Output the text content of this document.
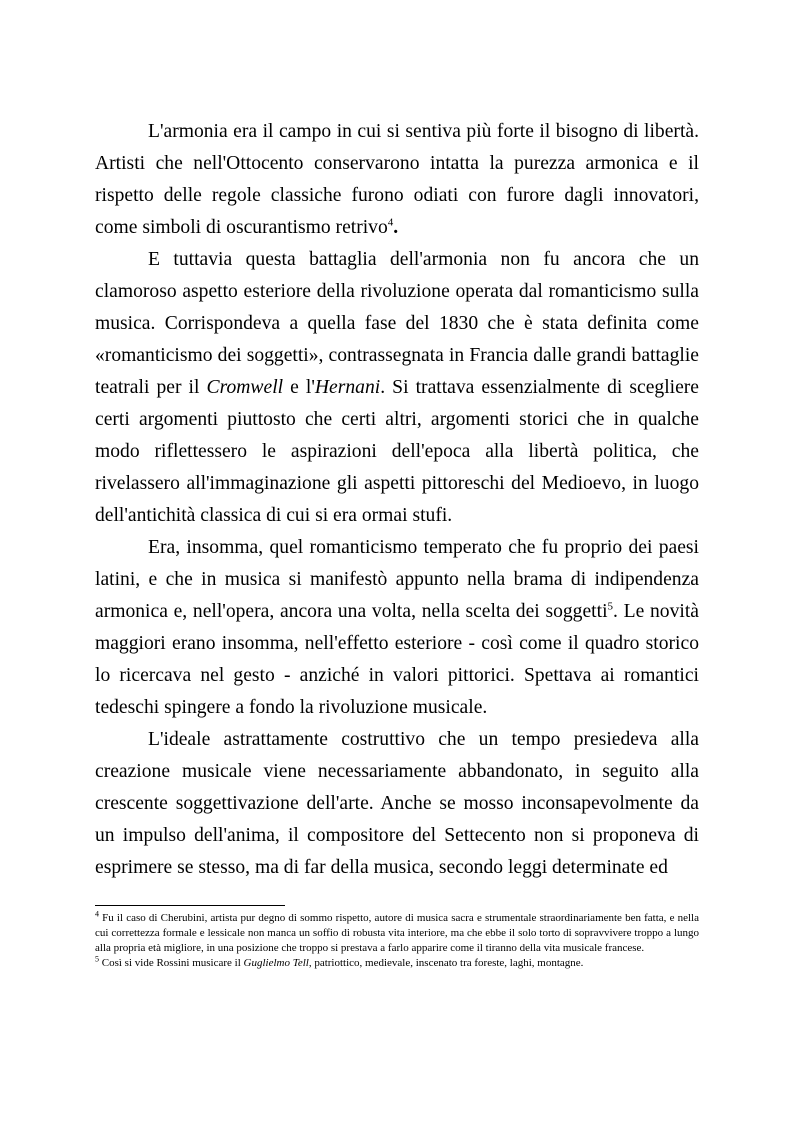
L'armonia era il campo in cui si sentiva più forte il bisogno di libertà. Artisti che nell'Ottocento conservarono intatta la purezza armonica e il rispetto delle regole classiche furono odiati con furore dagli innovatori, come simboli di oscurantismo retrivo$^4$.

E tuttavia questa battaglia dell'armonia non fu ancora che un clamoroso aspetto esteriore della rivoluzione operata dal romanticismo sulla musica. Corrispondeva a quella fase del 1830 che è stata definita come «romanticismo dei soggetti», contrassegnata in Francia dalle grandi battaglie teatrali per il Cromwell e l'Hernani. Si trattava essenzialmente di scegliere certi argomenti piuttosto che certi altri, argomenti storici che in qualche modo riflettessero le aspirazioni dell'epoca alla libertà politica, che rivelassero all'immaginazione gli aspetti pittoreschi del Medioevo, in luogo dell'antichità classica di cui si era ormai stufi.

Era, insomma, quel romanticismo temperato che fu proprio dei paesi latini, e che in musica si manifestò appunto nella brama di indipendenza armonica e, nell'opera, ancora una volta, nella scelta dei soggetti$^5$. Le novità maggiori erano insomma, nell'effetto esteriore - così come il quadro storico lo ricercava nel gesto - anziché in valori pittorici. Spettava ai romantici tedeschi spingere a fondo la rivoluzione musicale.

L'ideale astrattamente costruttivo che un tempo presiedeva alla creazione musicale viene necessariamente abbandonato, in seguito alla crescente soggettivazione dell'arte. Anche se mosso inconsapevolmente da un impulso dell'anima, il compositore del Settecento non si proponeva di esprimere se stesso, ma di far della musica, secondo leggi determinate ed

$^4$ Fu il caso di Cherubini, artista pur degno di sommo rispetto, autore di musica sacra e strumentale straordinariamente ben fatta, e nella cui correttezza formale e lessicale non manca un soffio di robusta vita interiore, ma che ebbe il solo torto di sopravvivere troppo a lungo alla propria età migliore, in una posizione che troppo si prestava a farlo apparire come il tiranno della vita musicale francese.

$^5$ Così si vide Rossini musicare il Guglielmo Tell, patriottico, medievale, inscenato tra foreste, laghi, montagne.
